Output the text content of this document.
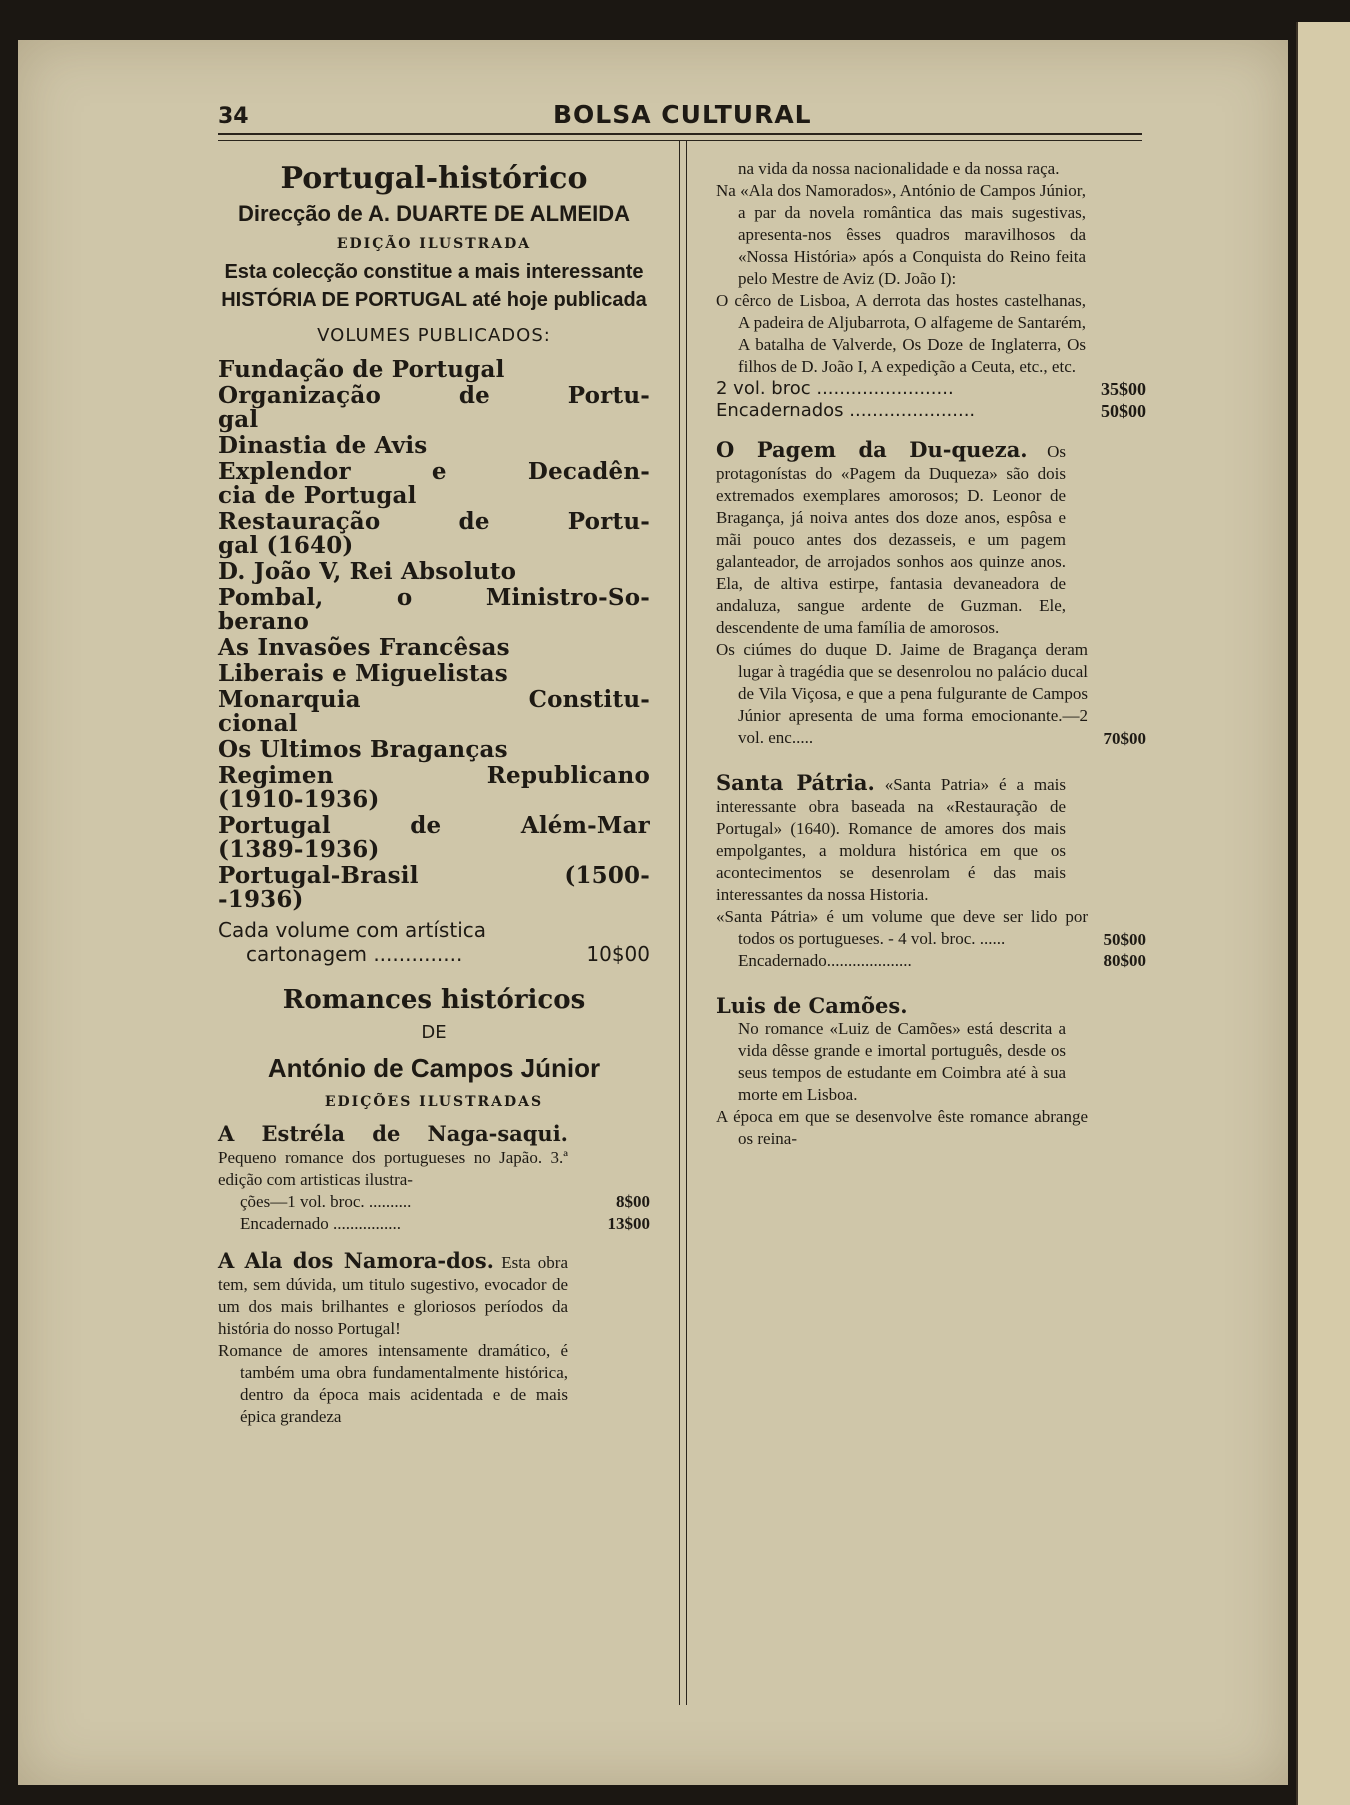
34	BOLSA CULTURAL
Portugal-histórico
Direcção de A. DUARTE DE ALMEIDA
EDIÇÃO ILUSTRADA
Esta colecção constitue a mais interessante HISTÓRIA DE PORTUGAL até hoje publicada
VOLUMES PUBLICADOS:
Fundação de Portugal
Organização de Portu-
gal
Dinastia de Avis
Explendor e Decadên-
cia de Portugal
Restauração de Portu-
gal (1640)
D. João V, Rei Absoluto
Pombal, o Ministro-So-
berano
As Invasões Francêsas
Liberais e Miguelistas
Monarquia Constitu-
cional
Os Ultimos Braganças
Regimen Republicano
(1910-1936)
Portugal de Além-Mar
(1389-1936)
Portugal-Brasil (1500-
-1936)
Cada volume com artística
cartonagem ..............	10$00
Romances históricos
DE
António de Campos Júnior
EDIÇÕES ILUSTRADAS
A Estréla de Naga-saqui. Pequeno romance dos portugueses no Japão. 3.ª edição com artisticas ilustra-
ções—1 vol. broc. ..........	8$00
Encadernado ................	13$00
A Ala dos Namora-dos. Esta obra tem, sem dúvida, um titulo sugestivo, evocador de um dos mais brilhantes e gloriosos períodos da história do nosso Portugal!
Romance de amores intensamente dramático, é também uma obra fundamentalmente histórica, dentro da época mais acidentada e de mais épica grandeza
na vida da nossa nacionalidade e da nossa raça.
Na «Ala dos Namorados», António de Campos Júnior, a par da novela romântica das mais sugestivas, apresenta-nos êsses quadros maravilhosos da «Nossa História» após a Conquista do Reino feita pelo Mestre de Aviz (D. João I):
O cêrco de Lisboa, A derrota das hostes castelhanas, A padeira de Aljubarrota, O alfageme de Santarém, A batalha de Valverde, Os Doze de Inglaterra, Os filhos de D. João I, A expedição a Ceuta, etc., etc.
2 vol. broc ........................	35$00
Encadernados ......................	50$00
O Pagem da Du-queza. Os protagonístas do «Pagem da Duqueza» são dois extremados exemplares amorosos; D. Leonor de Bragança, já noiva antes dos doze anos, espôsa e mãi pouco antes dos dezasseis, e um pagem galanteador, de arrojados sonhos aos quinze anos. Ela, de altiva estirpe, fantasia devaneadora de andaluza, sangue ardente de Guzman. Ele, descendente de uma família de amorosos.
Os ciúmes do duque D. Jaime de Bragança deram lugar à tragédia que se desenrolou no palácio ducal de Vila Viçosa, e que a pena fulgurante de Campos Júnior apresenta de uma forma emocionante.—2 vol. enc.....	70$00
Santa Pátria. «Santa Patria» é a mais interessante obra baseada na «Restauração de Portugal» (1640). Romance de amores dos mais empolgantes, a moldura histórica em que os acontecimentos se desenrolam é das mais interessantes da nossa Historia.
«Santa Pátria» é um volume que deve ser lido por todos os portugueses. - 4 vol. broc. ......	50$00
Encadernado....................	80$00
Luis de Camões.
No romance «Luiz de Camões» está descrita a vida dêsse grande e imortal português, desde os seus tempos de estudante em Coimbra até à sua morte em Lisboa.
A época em que se desenvolve êste romance abrange os reina-
